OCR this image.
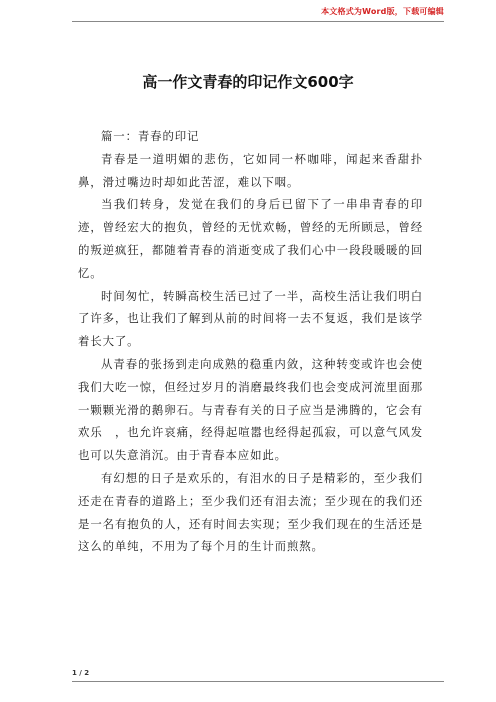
本文格式为Word版，下载可编辑
高一作文青春的印记作文600字

篇一：青春的印记

青春是一道明媚的悲伤，它如同一杯咖啡，闻起来香甜扑鼻，滑过嘴边时却如此苦涩，难以下咽。

当我们转身，发觉在我们的身后已留下了一串串青春的印迹，曾经宏大的抱负，曾经的无忧欢畅，曾经的无所顾忌，曾经的叛逆疯狂，都随着青春的消逝变成了我们心中一段段暖暖的回忆。

时间匆忙，转瞬高校生活已过了一半，高校生活让我们明白了许多，也让我们了解到从前的时间将一去不复返，我们是该学着长大了。

从青春的张扬到走向成熟的稳重内敛，这种转变或许也会使我们大吃一惊，但经过岁月的消磨最终我们也会变成河流里面那一颗颗光滑的鹅卵石。与青春有关的日子应当是沸腾的，它会有欢乐　，也允许哀痛，经得起喧嚣也经得起孤寂，可以意气风发也可以失意消沉。由于青春本应如此。

有幻想的日子是欢乐的，有泪水的日子是精彩的，至少我们还走在青春的道路上；至少我们还有泪去流；至少现在的我们还是一名有抱负的人，还有时间去实现；至少我们现在的生活还是这么的单纯，不用为了每个月的生计而煎熬。

1 / 2
